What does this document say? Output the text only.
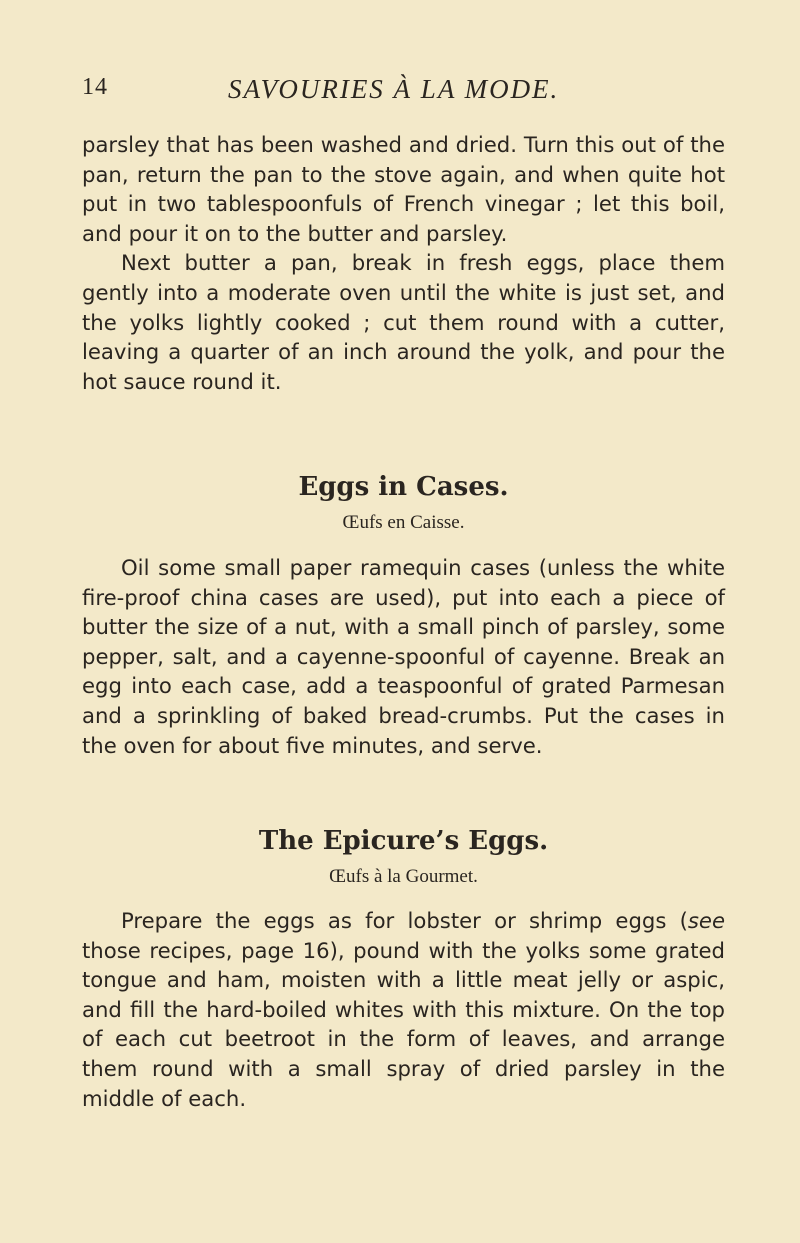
14	SAVOURIES À LA MODE.

parsley that has been washed and dried. Turn this out of the pan, return the pan to the stove again, and when quite hot put in two tablespoonfuls of French vinegar ; let this boil, and pour it on to the butter and parsley.

Next butter a pan, break in fresh eggs, place them gently into a moderate oven until the white is just set, and the yolks lightly cooked ; cut them round with a cutter, leaving a quarter of an inch around the yolk, and pour the hot sauce round it.

Eggs in Cases.
Œufs en Caisse.

Oil some small paper ramequin cases (unless the white fire-proof china cases are used), put into each a piece of butter the size of a nut, with a small pinch of parsley, some pepper, salt, and a cayenne-spoonful of cayenne. Break an egg into each case, add a teaspoonful of grated Parmesan and a sprinkling of baked bread-crumbs. Put the cases in the oven for about five minutes, and serve.

The Epicure’s Eggs.
Œufs à la Gourmet.

Prepare the eggs as for lobster or shrimp eggs (see those recipes, page 16), pound with the yolks some grated tongue and ham, moisten with a little meat jelly or aspic, and fill the hard-boiled whites with this mixture. On the top of each cut beetroot in the form of leaves, and arrange them round with a small spray of dried parsley in the middle of each.
